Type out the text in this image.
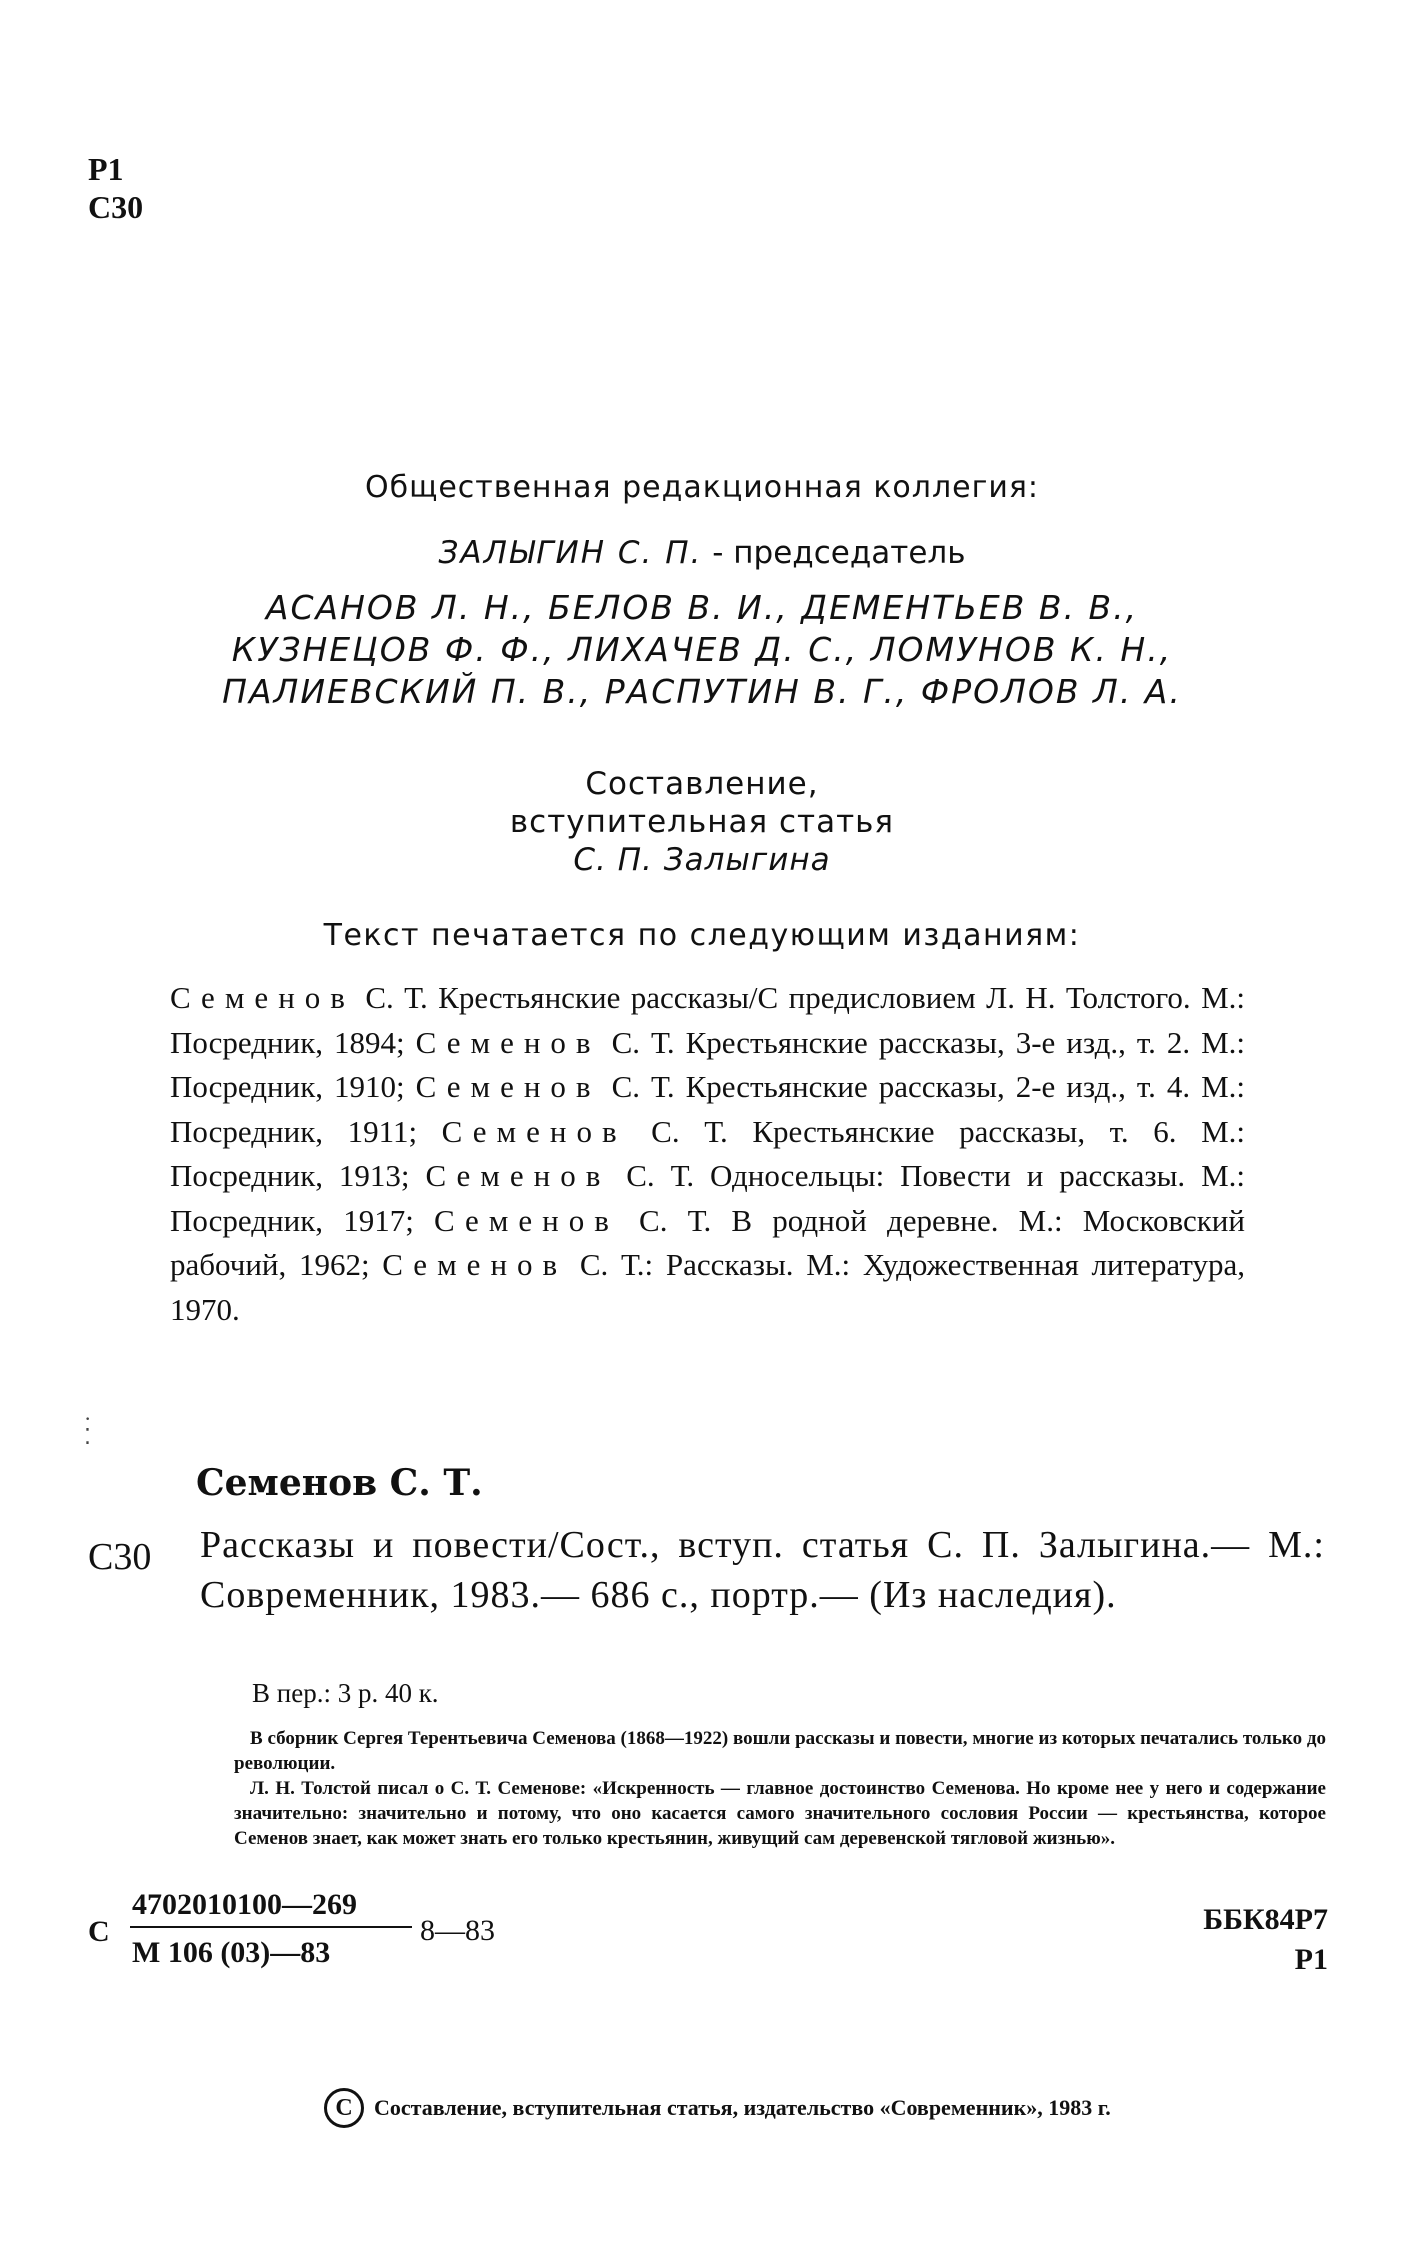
Р1
С30
Общественная редакционная коллегия:
ЗАЛЫГИН С. П. - председатель
АСАНОВ Л. Н., БЕЛОВ В. И., ДЕМЕНТЬЕВ В. В., КУЗНЕЦОВ Ф. Ф., ЛИХАЧЕВ Д. С., ЛОМУНОВ К. Н., ПАЛИЕВСКИЙ П. В., РАСПУТИН В. Г., ФРОЛОВ Л. А.
Составление,
вступительная статья
С. П. Залыгина
Текст печатается по следующим изданиям:
Семенов С. Т. Крестьянские рассказы/С предисловием Л. Н. Толстого. М.: Посредник, 1894; Семенов С. Т. Крестьянские рассказы, 3-е изд., т. 2. М.: Посредник, 1910; Семенов С. Т. Крестьянские рассказы, 2-е изд., т. 4. М.: Посредник, 1911; Семенов С. Т. Крестьянские рассказы, т. 6. М.: Посредник, 1913; Семенов С. Т. Односельцы: Повести и рассказы. М.: Посредник, 1917; Семенов С. Т. В родной деревне. М.: Московский рабочий, 1962; Семенов С. Т.: Рассказы. М.: Художественная литература, 1970.
·
⁚
Семенов С. Т.
С30 Рассказы и повести/Сост., вступ. статья С. П. Залыгина.— М.: Современник, 1983.— 686 с., портр.— (Из наследия).
В пер.: 3 р. 40 к.

В сборник Сергея Терентьевича Семенова (1868—1922) вошли рассказы и повести, многие из которых печатались только до революции.

Л. Н. Толстой писал о С. Т. Семенове: «Искренность — главное достоинство Семенова. Но кроме нее у него и содержание значительно: значительно и потому, что оно касается самого значительного сословия России — крестьянства, которое Семенов знает, как может знать его только крестьянин, живущий сам деревенской тягловой жизнью».

С
4702010100—269
М 106 (03)—83
8—83	ББК84Р7
Р1
C Составление, вступительная статья, издательство «Современник», 1983 г.
